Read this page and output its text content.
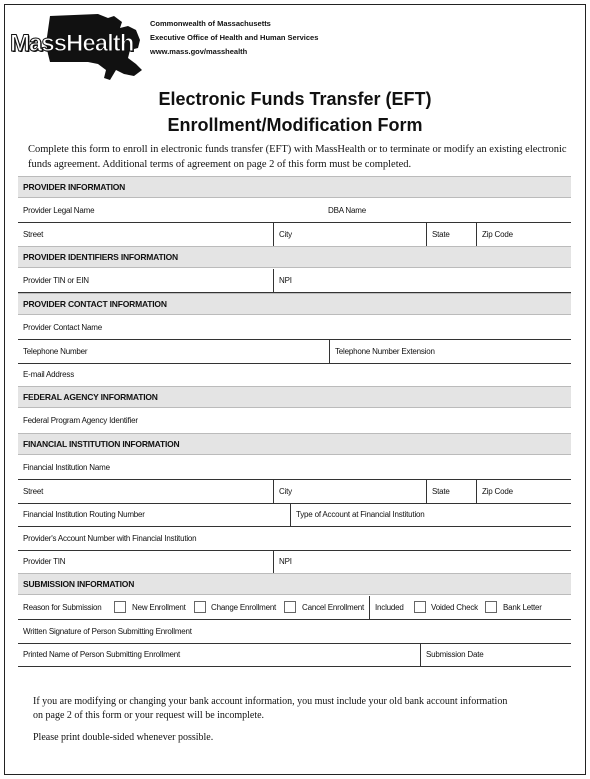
MassHealth
Commonwealth of Massachusetts
Executive Office of Health and Human Services
www.mass.gov/masshealth
Electronic Funds Transfer (EFT)
Enrollment/Modification Form
Complete this form to enroll in electronic funds transfer (EFT) with MassHealth or to terminate or modify an existing electronic
funds agreement. Additional terms of agreement on page 2 of this form must be completed.
PROVIDER INFORMATION
Provider Legal Name	DBA Name
Street	City	State	Zip Code
PROVIDER IDENTIFIERS INFORMATION
Provider TIN or EIN	NPI
PROVIDER CONTACT INFORMATION
Provider Contact Name
Telephone Number	Telephone Number Extension
E-mail Address
FEDERAL AGENCY INFORMATION
Federal Program Agency Identifier
FINANCIAL INSTITUTION INFORMATION
Financial Institution Name
Street	City	State	Zip Code
Financial Institution Routing Number	Type of Account at Financial Institution
Provider's Account Number with Financial Institution
Provider TIN	NPI
SUBMISSION INFORMATION
Reason for Submission	New Enrollment	Change Enrollment	Cancel Enrollment	Included	Voided Check	Bank Letter
Written Signature of Person Submitting Enrollment
Printed Name of Person Submitting Enrollment	Submission Date
If you are modifying or changing your bank account information, you must include your old bank account information
on page 2 of this form or your request will be incomplete.
Please print double-sided whenever possible.
